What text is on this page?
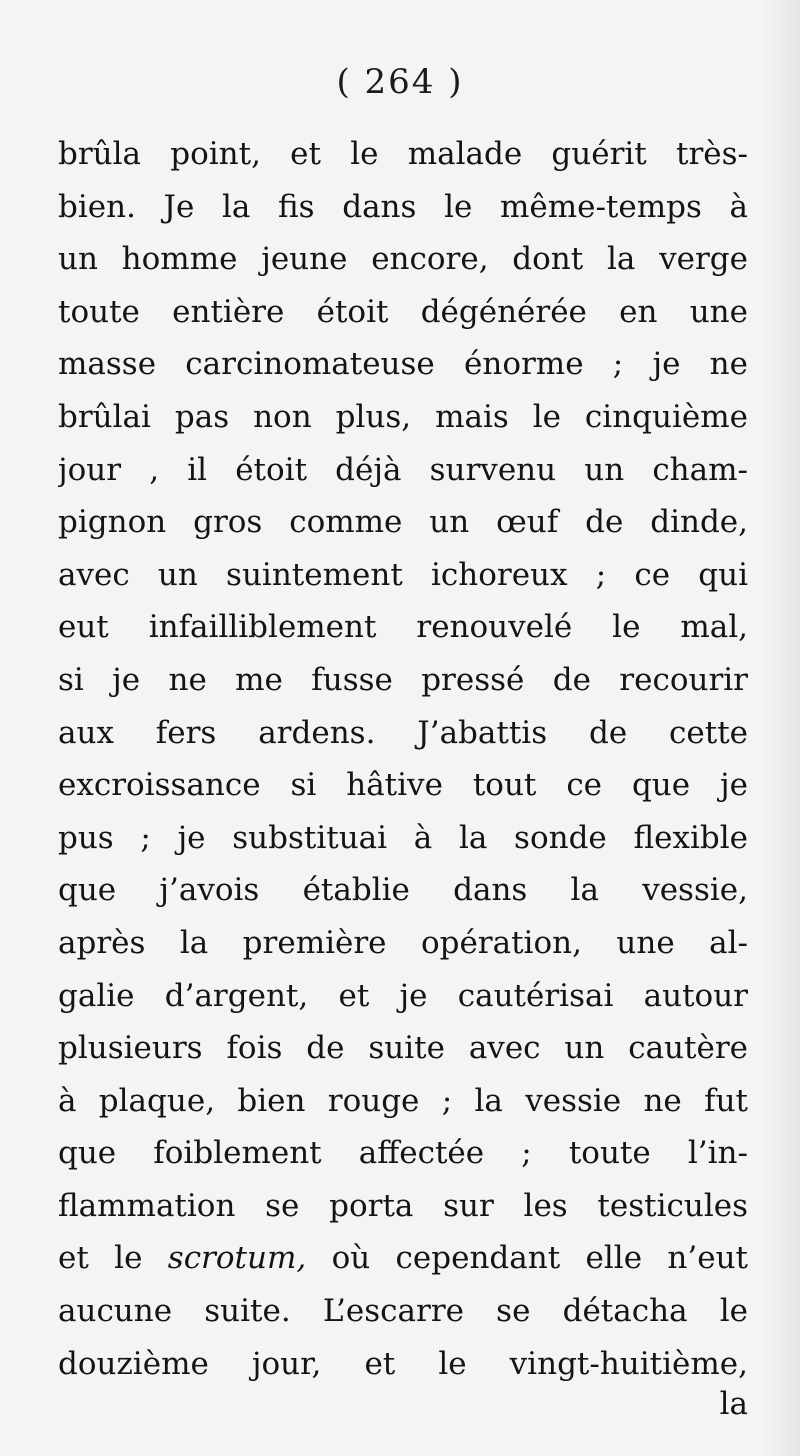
( 264 )
brûla point, et le malade guérit très-
bien. Je la fis dans le même-temps à
un homme jeune encore, dont la verge
toute entière étoit dégénérée en une
masse carcinomateuse énorme ; je ne
brûlai pas non plus, mais le cinquième
jour , il étoit déjà survenu un cham-
pignon gros comme un œuf de dinde,
avec un suintement ichoreux ; ce qui
eut infailliblement renouvelé le mal,
si je ne me fusse pressé de recourir
aux fers ardens. J’abattis de cette
excroissance si hâtive tout ce que je
pus ; je substituai à la sonde flexible
que j’avois établie dans la vessie,
après la première opération, une al-
galie d’argent, et je cautérisai autour
plusieurs fois de suite avec un cautère
à plaque, bien rouge ; la vessie ne fut
que foiblement affectée ; toute l’in-
flammation se porta sur les testicules
et le scrotum, où cependant elle n’eut
aucune suite. L’escarre se détacha le
douzième jour, et le vingt-huitième,
la
